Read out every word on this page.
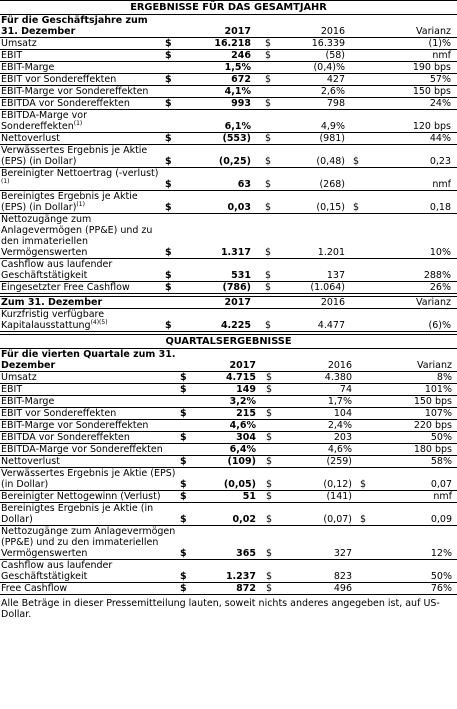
ERGEBNISSE FÜR DAS GESAMTJAHR
Für die Geschäftsjahre zum 31. Dezember	2017	2016	Varianz
Umsatz	$	16.218	$	16.339	(1)%
EBIT	$	246	$	(58)	nmf
EBIT-Marge	1,5%	(0,4)%	190 bps
EBIT vor Sondereffekten	$	672	$	427	57%
EBIT-Marge vor Sondereffekten	4,1%	2,6%	150 bps
EBITDA vor Sondereffekten	$	993	$	798	24%
EBITDA-Marge vor Sondereffekten$^{(1)}$	6,1%	4,9%	120 bps
Nettoverlust	$	(553)	$	(981)	44%
Verwässertes Ergebnis je Aktie (EPS) (in Dollar)	$	(0,25)	$	(0,48) $	0,23
Bereinigter Nettoertrag (-verlust)$^{(1)}$	$	63	$	(268)	nmf
Bereinigtes Ergebnis je Aktie (EPS) (in Dollar)$^{(1)}$	$	0,03	$	(0,15) $	0,18
Nettozugänge zum Anlagevermögen (PP&E) und zu den immateriellen Vermögenswerten	$	1.317	$	1.201	10%
Cashflow aus laufender Geschäftstätigkeit	$	531	$	137	288%
Eingesetzter Free Cashflow	$	(786)	$	(1.064)	26%
Zum 31. Dezember	2017	2016	Varianz
Kurzfristig verfügbare Kapitalausstattung$^{(4)(5)}$	$	4.225	$	4.477	(6)%
QUARTALSERGEBNISSE
Für die vierten Quartale zum 31. Dezember	2017	2016	Varianz
Umsatz	$	4.715	$	4.380	8%
EBIT	$	149	$	74	101%
EBIT-Marge	3,2%	1,7%	150 bps
EBIT vor Sondereffekten	$	215	$	104	107%
EBIT-Marge vor Sondereffekten	4,6%	2,4%	220 bps
EBITDA vor Sondereffekten	$	304	$	203	50%
EBITDA-Marge vor Sondereffekten	6,4%	4,6%	180 bps
Nettoverlust	$	(109)	$	(259)	58%
Verwässertes Ergebnis je Aktie (EPS) (in Dollar)	$	(0,05)	$	(0,12) $	0,07
Bereinigter Nettogewinn (Verlust)	$	51	$	(141)	nmf
Bereinigtes Ergebnis je Aktie (in Dollar)	$	0,02	$	(0,07) $	0,09
Nettozugänge zum Anlagevermögen (PP&E) und zu den immateriellen Vermögenswerten	$	365	$	327	12%
Cashflow aus laufender Geschäftstätigkeit	$	1.237	$	823	50%
Free Cashflow	$	872	$	496	76%
Alle Beträge in dieser Pressemitteilung lauten, soweit nichts anderes angegeben ist, auf US-Dollar.
